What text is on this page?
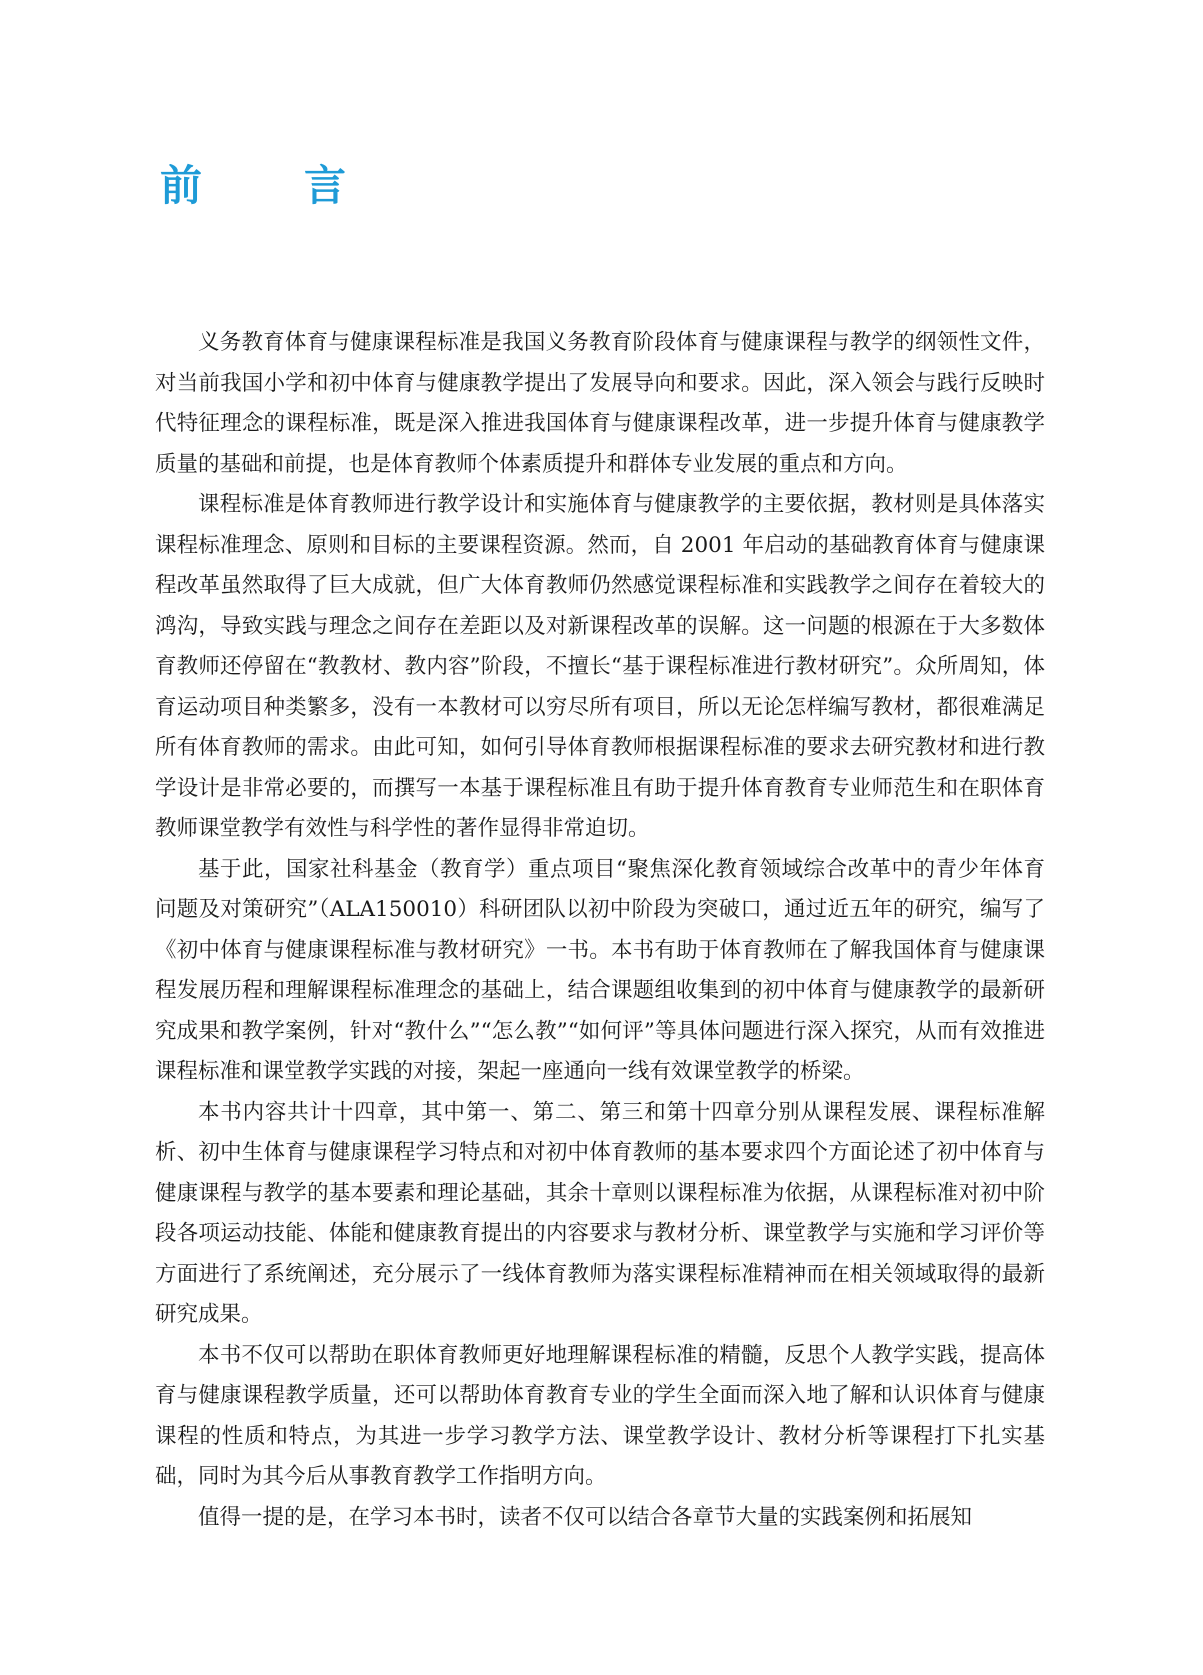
前 言

义务教育体育与健康课程标准是我国义务教育阶段体育与健康课程与教学的纲领性文件，对当前我国小学和初中体育与健康教学提出了发展导向和要求。因此，深入领会与践行反映时代特征理念的课程标准，既是深入推进我国体育与健康课程改革，进一步提升体育与健康教学质量的基础和前提，也是体育教师个体素质提升和群体专业发展的重点和方向。

课程标准是体育教师进行教学设计和实施体育与健康教学的主要依据，教材则是具体落实课程标准理念、原则和目标的主要课程资源。然而，自 2001 年启动的基础教育体育与健康课程改革虽然取得了巨大成就，但广大体育教师仍然感觉课程标准和实践教学之间存在着较大的鸿沟，导致实践与理念之间存在差距以及对新课程改革的误解。这一问题的根源在于大多数体育教师还停留在“教教材、教内容”阶段，不擅长“基于课程标准进行教材研究”。众所周知，体育运动项目种类繁多，没有一本教材可以穷尽所有项目，所以无论怎样编写教材，都很难满足所有体育教师的需求。由此可知，如何引导体育教师根据课程标准的要求去研究教材和进行教学设计是非常必要的，而撰写一本基于课程标准且有助于提升体育教育专业师范生和在职体育教师课堂教学有效性与科学性的著作显得非常迫切。

基于此，国家社科基金（教育学）重点项目“聚焦深化教育领域综合改革中的青少年体育问题及对策研究”（ALA150010）科研团队以初中阶段为突破口，通过近五年的研究，编写了《初中体育与健康课程标准与教材研究》一书。本书有助于体育教师在了解我国体育与健康课程发展历程和理解课程标准理念的基础上，结合课题组收集到的初中体育与健康教学的最新研究成果和教学案例，针对“教什么”“怎么教”“如何评”等具体问题进行深入探究，从而有效推进课程标准和课堂教学实践的对接，架起一座通向一线有效课堂教学的桥梁。

本书内容共计十四章，其中第一、第二、第三和第十四章分别从课程发展、课程标准解析、初中生体育与健康课程学习特点和对初中体育教师的基本要求四个方面论述了初中体育与健康课程与教学的基本要素和理论基础，其余十章则以课程标准为依据，从课程标准对初中阶段各项运动技能、体能和健康教育提出的内容要求与教材分析、课堂教学与实施和学习评价等方面进行了系统阐述，充分展示了一线体育教师为落实课程标准精神而在相关领域取得的最新研究成果。

本书不仅可以帮助在职体育教师更好地理解课程标准的精髓，反思个人教学实践，提高体育与健康课程教学质量，还可以帮助体育教育专业的学生全面而深入地了解和认识体育与健康课程的性质和特点，为其进一步学习教学方法、课堂教学设计、教材分析等课程打下扎实基础，同时为其今后从事教育教学工作指明方向。

值得一提的是，在学习本书时，读者不仅可以结合各章节大量的实践案例和拓展知
